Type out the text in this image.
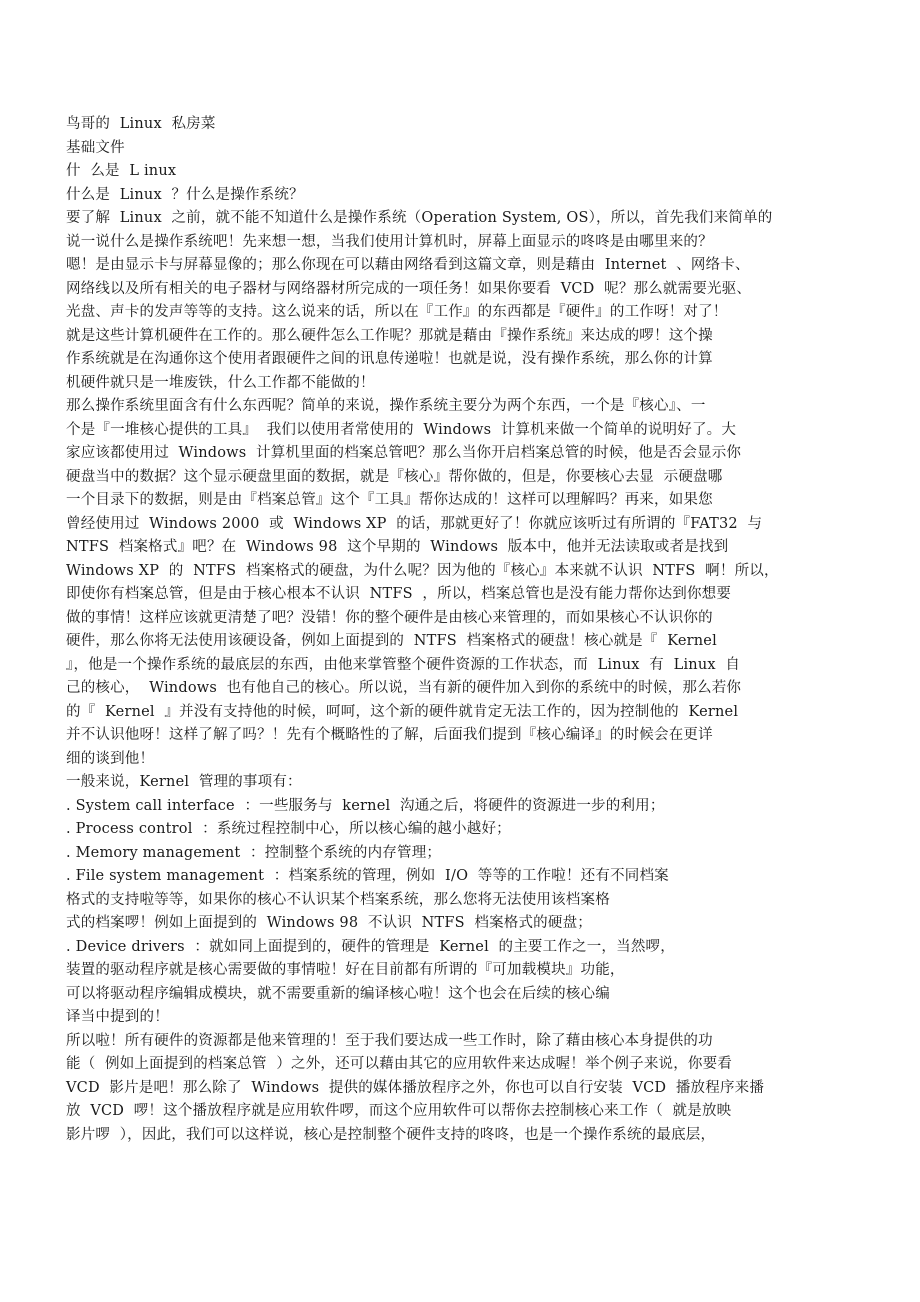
鸟哥的  Linux  私房菜
基础文件
什  么是  L inux
什么是  Linux  ？什么是操作系统？
要了解  Linux  之前，就不能不知道什么是操作系统（Operation System, OS），所以，首先我们来简单的
说一说什么是操作系统吧！先来想一想，当我们使用计算机时，屏幕上面显示的咚咚是由哪里来的？
嗯！是由显示卡与屏幕显像的；那么你现在可以藉由网络看到这篇文章，则是藉由  Internet  、网络卡、
网络线以及所有相关的电子器材与网络器材所完成的一项任务！如果你要看  VCD  呢？那么就需要光驱、
光盘、声卡的发声等等的支持。这么说来的话，所以在『工作』的东西都是『硬件』的工作呀！对了！
就是这些计算机硬件在工作的。那么硬件怎么工作呢？那就是藉由『操作系统』来达成的啰！这个操
作系统就是在沟通你这个使用者跟硬件之间的讯息传递啦！也就是说，没有操作系统，那么你的计算
机硬件就只是一堆废铁，什么工作都不能做的！
那么操作系统里面含有什么东西呢？简单的来说，操作系统主要分为两个东西，一个是『核心』、一
个是『一堆核心提供的工具』  我们以使用者常使用的  Windows  计算机来做一个简单的说明好了。大
家应该都使用过  Windows  计算机里面的档案总管吧？那么当你开启档案总管的时候，他是否会显示你
硬盘当中的数据？这个显示硬盘里面的数据，就是『核心』帮你做的，但是，你要核心去显  示硬盘哪
一个目录下的数据，则是由『档案总管』这个『工具』帮你达成的！这样可以理解吗？再来，如果您
曾经使用过  Windows 2000  或  Windows XP  的话，那就更好了！你就应该听过有所谓的『FAT32  与
NTFS  档案格式』吧？在  Windows 98  这个早期的  Windows  版本中，他并无法读取或者是找到
Windows XP  的  NTFS  档案格式的硬盘，为什么呢？因为他的『核心』本来就不认识  NTFS  啊！所以，
即使你有档案总管，但是由于核心根本不认识  NTFS  ，所以，档案总管也是没有能力帮你达到你想要
做的事情！这样应该就更清楚了吧？没错！你的整个硬件是由核心来管理的，而如果核心不认识你的
硬件，那么你将无法使用该硬设备，例如上面提到的  NTFS  档案格式的硬盘！核心就是『  Kernel
』，他是一个操作系统的最底层的东西，由他来掌管整个硬件资源的工作状态，而  Linux  有  Linux  自
己的核心，  Windows  也有他自己的核心。所以说，当有新的硬件加入到你的系统中的时候，那么若你
的『  Kernel  』并没有支持他的时候，呵呵，这个新的硬件就肯定无法工作的，因为控制他的  Kernel
并不认识他呀！这样了解了吗？！先有个概略性的了解，后面我们提到『核心编译』的时候会在更详
细的谈到他！
一般来说，Kernel  管理的事项有：
. System call interface  ：一些服务与  kernel  沟通之后，将硬件的资源进一步的利用；
. Process control  ：系统过程控制中心，所以核心编的越小越好；
. Memory management  ：控制整个系统的内存管理；
. File system management  ：档案系统的管理，例如  I/O  等等的工作啦！还有不同档案
格式的支持啦等等，如果你的核心不认识某个档案系统，那么您将无法使用该档案格
式的档案啰！例如上面提到的  Windows 98  不认识  NTFS  档案格式的硬盘；
. Device drivers  ：就如同上面提到的，硬件的管理是  Kernel  的主要工作之一，当然啰，
装置的驱动程序就是核心需要做的事情啦！好在目前都有所谓的『可加载模块』功能，
可以将驱动程序编辑成模块，就不需要重新的编译核心啦！这个也会在后续的核心编
译当中提到的！
所以啦！所有硬件的资源都是他来管理的！至于我们要达成一些工作时，除了藉由核心本身提供的功
能（  例如上面提到的档案总管  ）之外，还可以藉由其它的应用软件来达成喔！举个例子来说，你要看
VCD  影片是吧！那么除了  Windows  提供的媒体播放程序之外，你也可以自行安装  VCD  播放程序来播
放  VCD  啰！这个播放程序就是应用软件啰，而这个应用软件可以帮你去控制核心来工作（  就是放映
影片啰  ），因此，我们可以这样说，核心是控制整个硬件支持的咚咚，也是一个操作系统的最底层，
